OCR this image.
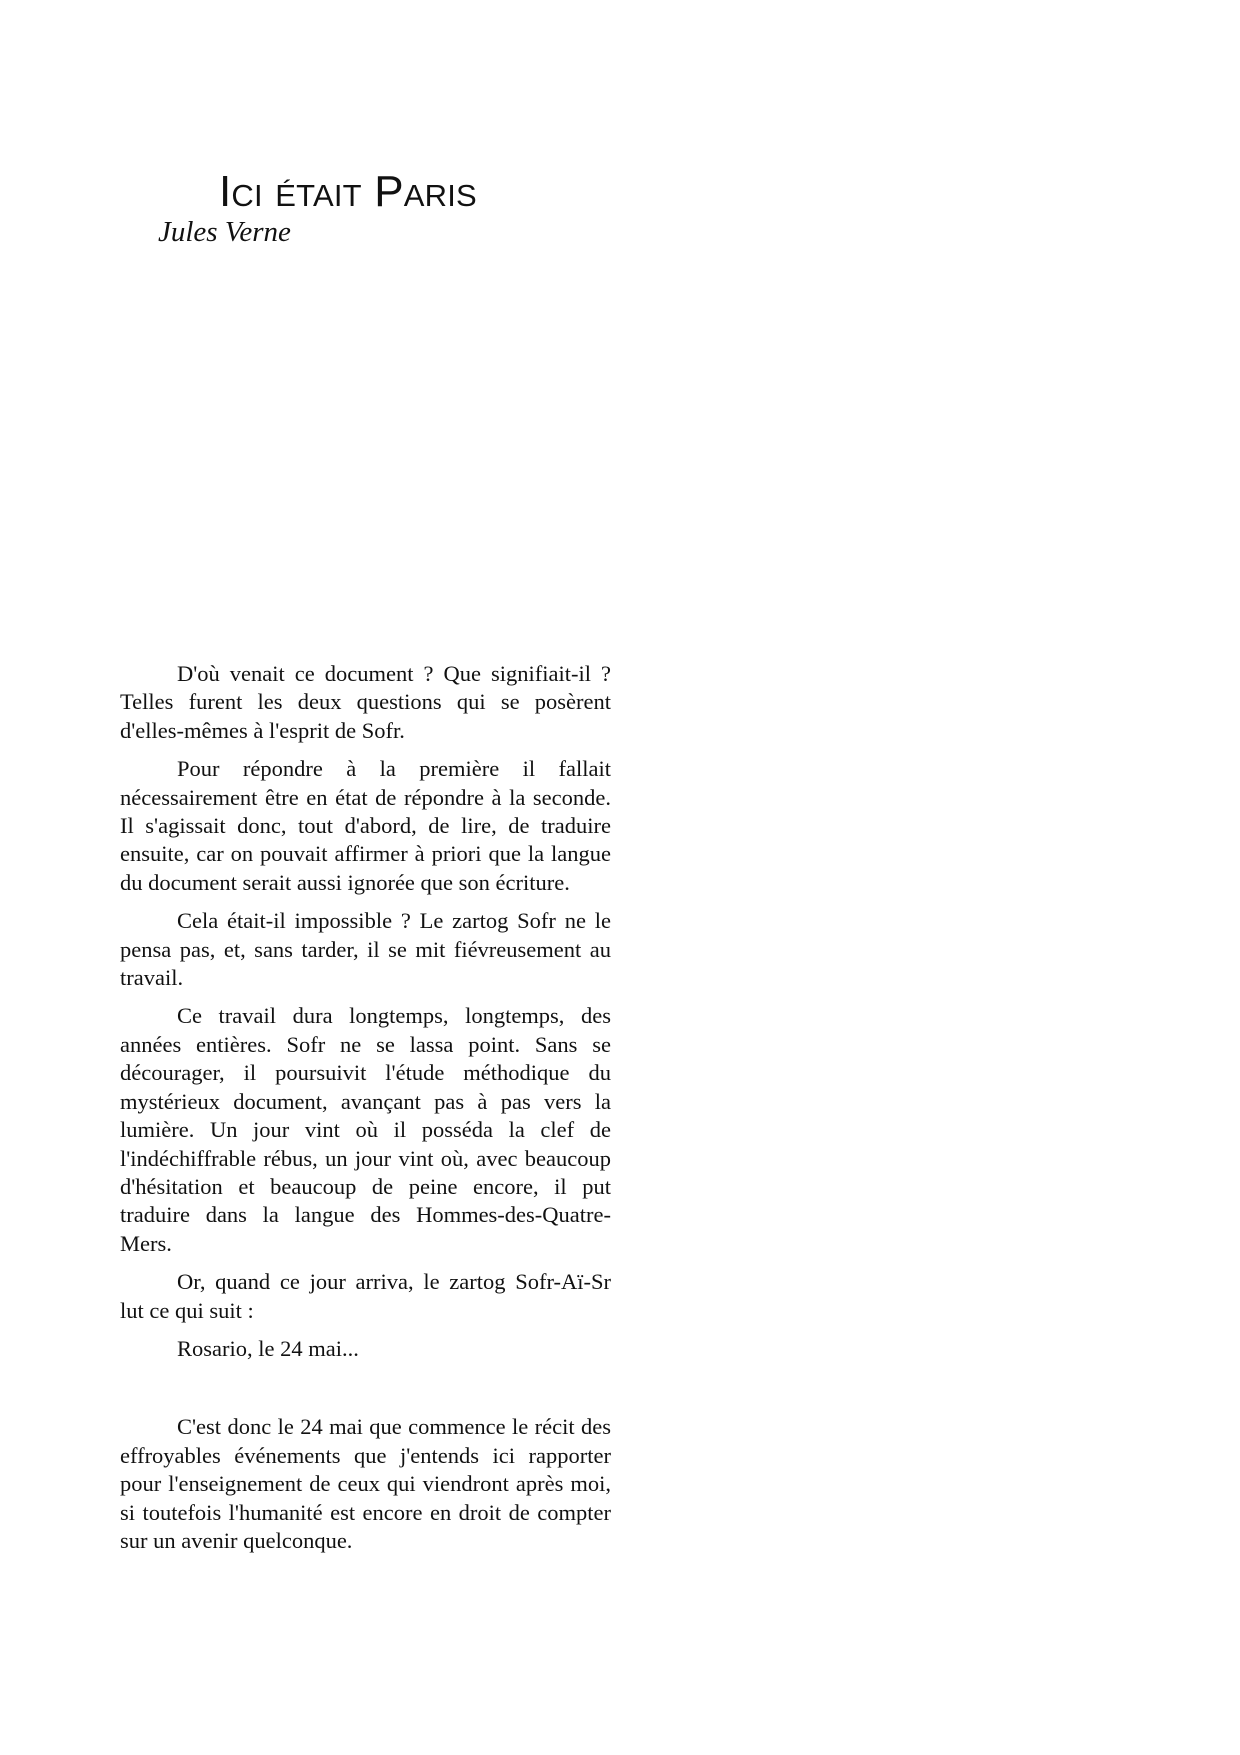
Ici était Paris
Jules Verne

D'où venait ce document ? Que signifiait-il ? Telles furent les deux questions qui se posèrent d'elles-mêmes à l'esprit de Sofr.

Pour répondre à la première il fallait nécessairement être en état de répondre à la seconde. Il s'agissait donc, tout d'abord, de lire, de traduire ensuite, car on pouvait affirmer à priori que la langue du document serait aussi ignorée que son écriture.

Cela était-il impossible ? Le zartog Sofr ne le pensa pas, et, sans tarder, il se mit fiévreusement au travail.

Ce travail dura longtemps, longtemps, des années entières. Sofr ne se lassa point. Sans se décourager, il poursuivit l'étude méthodique du mystérieux document, avançant pas à pas vers la lumière. Un jour vint où il posséda la clef de l'indéchiffrable rébus, un jour vint où, avec beaucoup d'hésitation et beaucoup de peine encore, il put traduire dans la langue des Hommes-des-Quatre-Mers.

Or, quand ce jour arriva, le zartog Sofr-Aï-Sr lut ce qui suit :

Rosario, le 24 mai...

C'est donc le 24 mai que commence le récit des effroyables événements que j'entends ici rapporter pour l'enseignement de ceux qui viendront après moi, si toutefois l'humanité est encore en droit de compter sur un avenir quelconque.
